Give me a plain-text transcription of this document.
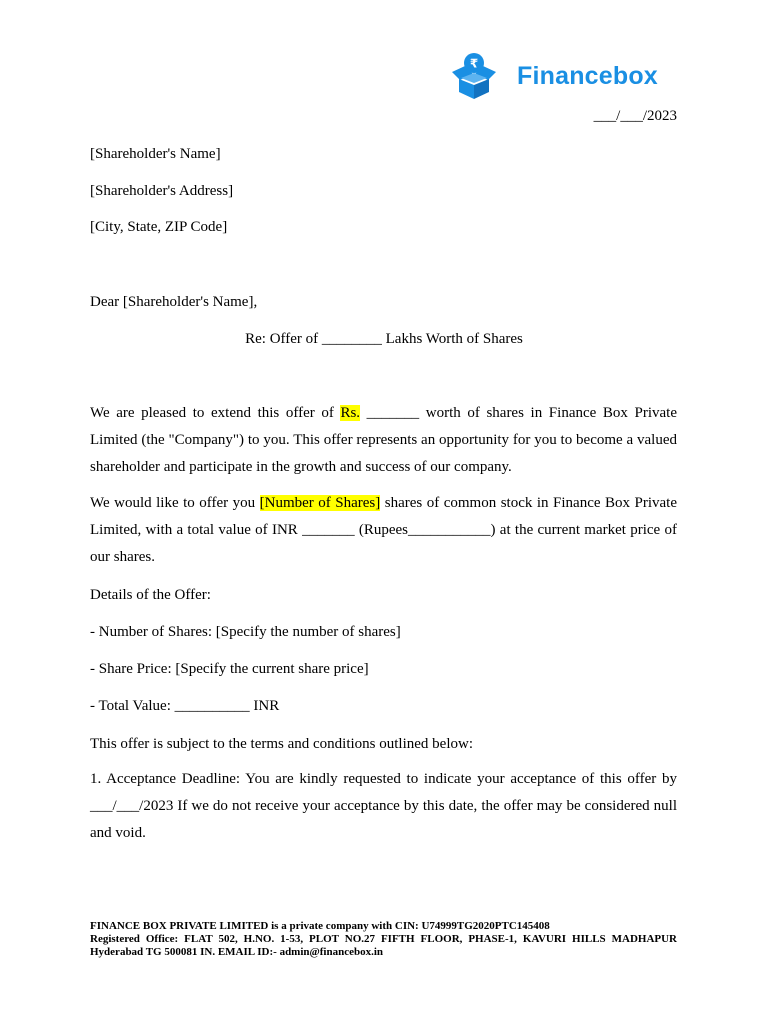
₹ Financebox
___/___/2023
[Shareholder's Name]
[Shareholder's Address]
[City, State, ZIP Code]
Dear [Shareholder's Name],
Re: Offer of ________ Lakhs Worth of Shares
We are pleased to extend this offer of Rs. _______ worth of shares in Finance Box Private Limited (the "Company") to you. This offer represents an opportunity for you to become a valued shareholder and participate in the growth and success of our company.
We would like to offer you [Number of Shares] shares of common stock in Finance Box Private Limited, with a total value of INR _______ (Rupees___________) at the current market price of our shares.
Details of the Offer:
- Number of Shares: [Specify the number of shares]
- Share Price: [Specify the current share price]
- Total Value: __________ INR
This offer is subject to the terms and conditions outlined below:
1. Acceptance Deadline: You are kindly requested to indicate your acceptance of this offer by ___/___/2023 If we do not receive your acceptance by this date, the offer may be considered null and void.
FINANCE BOX PRIVATE LIMITED is a private company with CIN: U74999TG2020PTC145408
Registered Office: FLAT 502, H.NO. 1-53, PLOT NO.27 FIFTH FLOOR, PHASE-1, KAVURI HILLS MADHAPUR
Hyderabad TG 500081 IN. EMAIL ID:- admin@financebox.in
